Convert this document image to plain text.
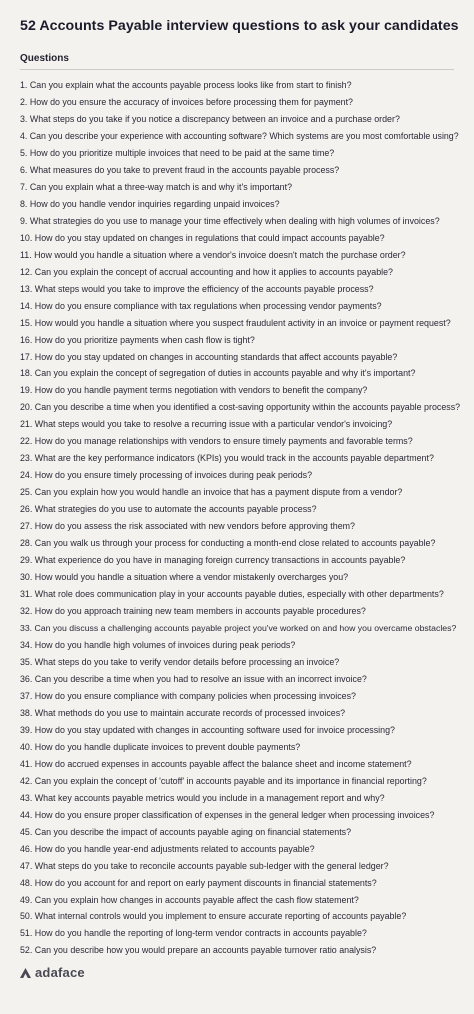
52 Accounts Payable interview questions to ask your candidates
Questions
1. Can you explain what the accounts payable process looks like from start to finish?
2. How do you ensure the accuracy of invoices before processing them for payment?
3. What steps do you take if you notice a discrepancy between an invoice and a purchase order?
4. Can you describe your experience with accounting software? Which systems are you most comfortable using?
5. How do you prioritize multiple invoices that need to be paid at the same time?
6. What measures do you take to prevent fraud in the accounts payable process?
7. Can you explain what a three-way match is and why it's important?
8. How do you handle vendor inquiries regarding unpaid invoices?
9. What strategies do you use to manage your time effectively when dealing with high volumes of invoices?
10. How do you stay updated on changes in regulations that could impact accounts payable?
11. How would you handle a situation where a vendor's invoice doesn't match the purchase order?
12. Can you explain the concept of accrual accounting and how it applies to accounts payable?
13. What steps would you take to improve the efficiency of the accounts payable process?
14. How do you ensure compliance with tax regulations when processing vendor payments?
15. How would you handle a situation where you suspect fraudulent activity in an invoice or payment request?
16. How do you prioritize payments when cash flow is tight?
17. How do you stay updated on changes in accounting standards that affect accounts payable?
18. Can you explain the concept of segregation of duties in accounts payable and why it's important?
19. How do you handle payment terms negotiation with vendors to benefit the company?
20. Can you describe a time when you identified a cost-saving opportunity within the accounts payable process?
21. What steps would you take to resolve a recurring issue with a particular vendor's invoicing?
22. How do you manage relationships with vendors to ensure timely payments and favorable terms?
23. What are the key performance indicators (KPIs) you would track in the accounts payable department?
24. How do you ensure timely processing of invoices during peak periods?
25. Can you explain how you would handle an invoice that has a payment dispute from a vendor?
26. What strategies do you use to automate the accounts payable process?
27. How do you assess the risk associated with new vendors before approving them?
28. Can you walk us through your process for conducting a month-end close related to accounts payable?
29. What experience do you have in managing foreign currency transactions in accounts payable?
30. How would you handle a situation where a vendor mistakenly overcharges you?
31. What role does communication play in your accounts payable duties, especially with other departments?
32. How do you approach training new team members in accounts payable procedures?
33. Can you discuss a challenging accounts payable project you've worked on and how you overcame obstacles?
34. How do you handle high volumes of invoices during peak periods?
35. What steps do you take to verify vendor details before processing an invoice?
36. Can you describe a time when you had to resolve an issue with an incorrect invoice?
37. How do you ensure compliance with company policies when processing invoices?
38. What methods do you use to maintain accurate records of processed invoices?
39. How do you stay updated with changes in accounting software used for invoice processing?
40. How do you handle duplicate invoices to prevent double payments?
41. How do accrued expenses in accounts payable affect the balance sheet and income statement?
42. Can you explain the concept of 'cutoff' in accounts payable and its importance in financial reporting?
43. What key accounts payable metrics would you include in a management report and why?
44. How do you ensure proper classification of expenses in the general ledger when processing invoices?
45. Can you describe the impact of accounts payable aging on financial statements?
46. How do you handle year-end adjustments related to accounts payable?
47. What steps do you take to reconcile accounts payable sub-ledger with the general ledger?
48. How do you account for and report on early payment discounts in financial statements?
49. Can you explain how changes in accounts payable affect the cash flow statement?
50. What internal controls would you implement to ensure accurate reporting of accounts payable?
51. How do you handle the reporting of long-term vendor contracts in accounts payable?
52. Can you describe how you would prepare an accounts payable turnover ratio analysis?
adaface
